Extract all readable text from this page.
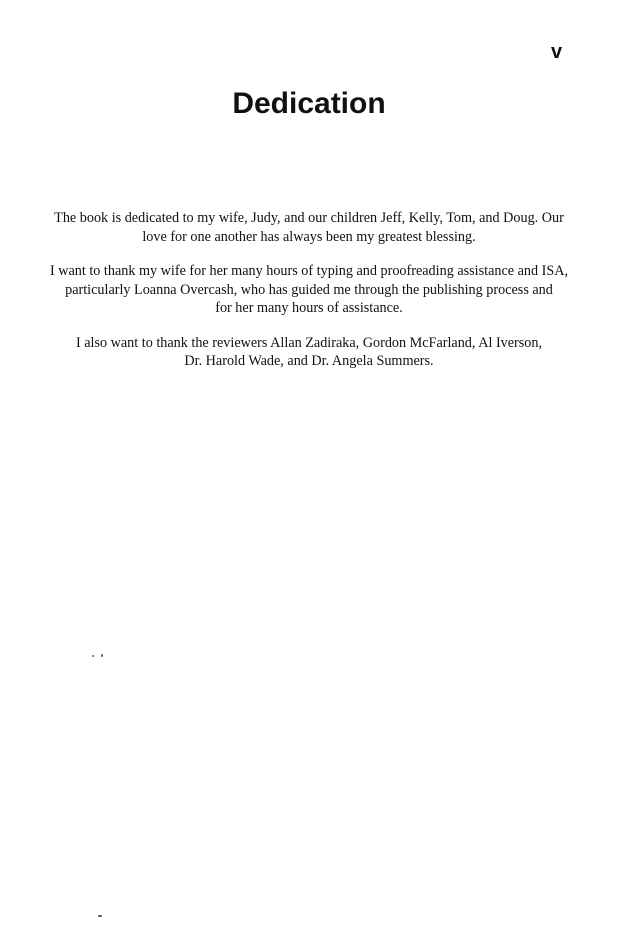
v
Dedication

The book is dedicated to my wife, Judy, and our children Jeff, Kelly, Tom, and Doug. Our
love for one another has always been my greatest blessing.

I want to thank my wife for her many hours of typing and proofreading assistance and ISA,
particularly Loanna Overcash, who has guided me through the publishing process and
for her many hours of assistance.

I also want to thank the reviewers Allan Zadiraka, Gordon McFarland, Al Iverson,
Dr. Harold Wade, and Dr. Angela Summers.
